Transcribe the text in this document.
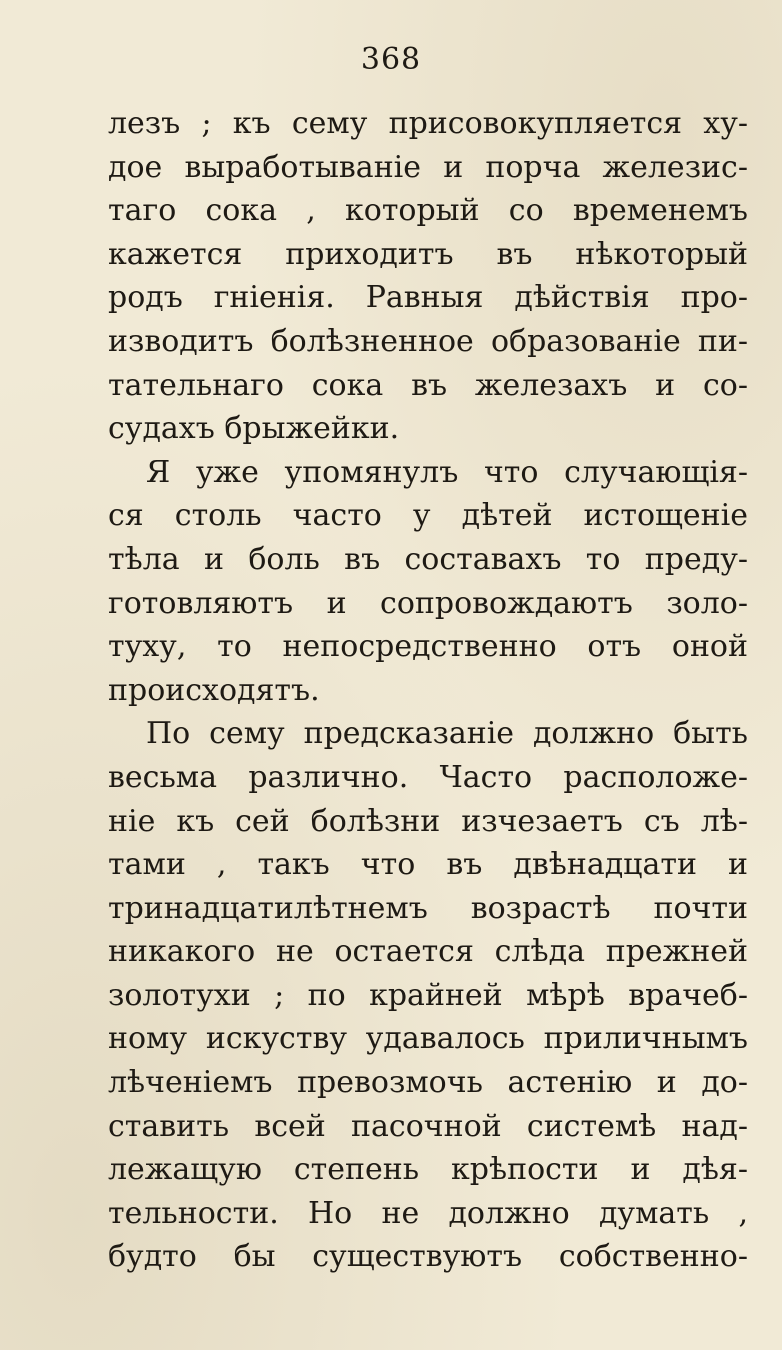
368
лезъ ; къ сему присовокупляется ху-
дое выработываніе и порча железис-
таго сока , который со временемъ
кажется приходитъ въ нѣкоторый
родъ гніенія. Равныя дѣйствія про-
изводитъ болѣзненное образованіе пи-
тательнаго сока въ железахъ и со-
судахъ брыжейки.
Я уже упомянулъ что случающія-
ся столь часто у дѣтей истощеніе
тѣла и боль въ составахъ то преду-
готовляютъ и сопровождаютъ золо-
туху, то непосредственно отъ оной
происходятъ.
По сему предсказаніе должно быть
весьма различно. Часто расположе-
ніе къ сей болѣзни изчезаетъ съ лѣ-
тами , такъ что въ двѣнадцати и
тринадцатилѣтнемъ возрастѣ почти
никакого не остается слѣда прежней
золотухи ; по крайней мѣрѣ врачеб-
ному искуству удавалось приличнымъ
лѣченіемъ превозмочь астенію и до-
ставить всей пасочной системѣ над-
лежащую степень крѣпости и дѣя-
тельности. Но не должно думать ,
будто бы существуютъ собственно-
